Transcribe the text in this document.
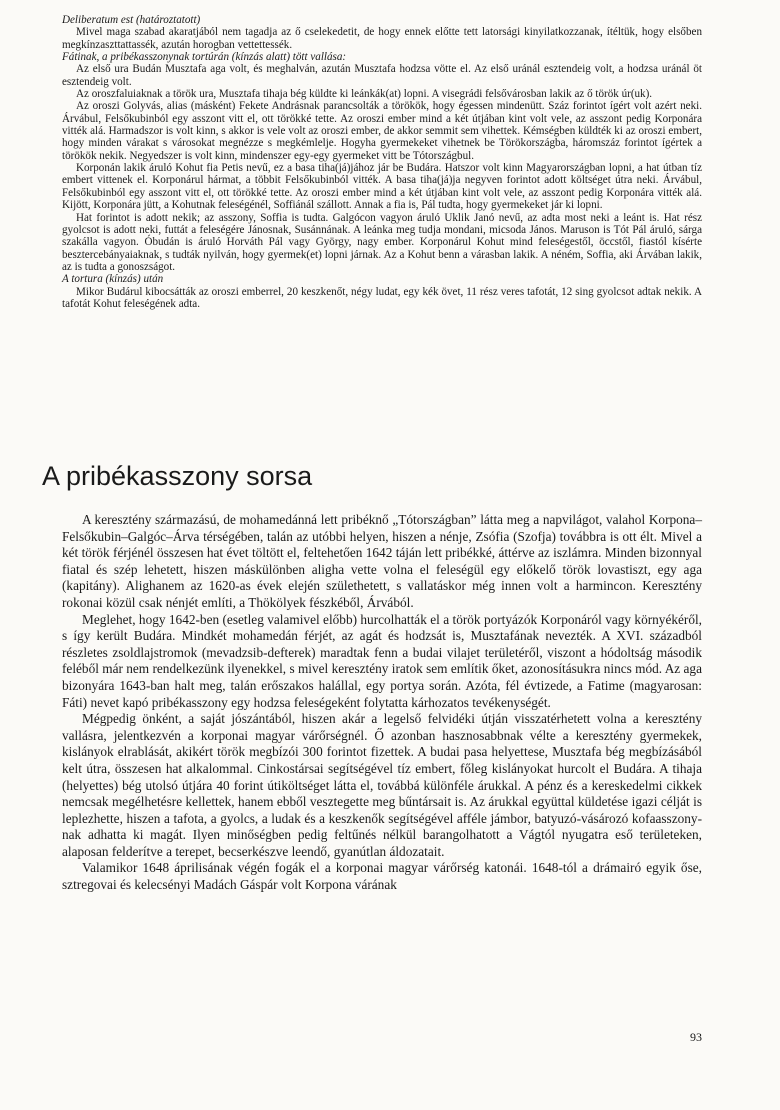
Deliberatum est (határoztatott)

Mivel maga szabad akaratjából nem tagadja az ő cselekedetit, de hogy ennek előtte tett latorsági kinyilatkozzanak, ítéltük, hogy elsőben megkínzaszttattassék, azután horogban vettettessék.

Fátinak, a pribékasszonynak tortúrán (kínzás alatt) tött vallása:

Az első ura Budán Musztafa aga volt, és meghalván, azután Musztafa hodzsa vötte el. Az első uránál esztendeig volt, a hodzsa uránál öt esztendeig volt.

Az oroszfaluiaknak a török ura, Musztafa tihaja bég küldte ki leánkák(at) lopni. A visegrádi felsővárosban lakik az ő török úr(uk).

Az oroszi Golyvás, alias (másként) Fekete Andrásnak parancsolták a törökök, hogy égessen mindenütt. Száz forintot ígért volt azért neki. Árvábul, Felsőkubinból egy asszont vitt el, ott törökké tette. Az oroszi ember mind a két útjában kint volt vele, az asszont pedig Korponára vitték alá. Harmadszor is volt kinn, s akkor is vele volt az oroszi ember, de akkor semmit sem vihettek. Kémségben küldték ki az oroszi embert, hogy minden várakat s városokat megnézze s megkémlelje. Hogyha gyermekeket vihetnek be Törökországba, háromszáz forintot ígértek a törökök nekik. Negyedszer is volt kinn, mindenszer egy-egy gyermeket vitt be Tótországbul.

Korponán lakik áruló Kohut fia Petis nevű, ez a basa tiha(já)jához jár be Budára. Hatszor volt kinn Magyarországban lopni, a hat útban tíz embert vittenek el. Korponárul hármat, a többit Felsőkubinból vitték. A basa tiha(já)ja negyven forintot adott költséget útra neki. Árvábul, Felsőkubinból egy asszont vitt el, ott törökké tette. Az oroszi ember mind a két útjában kint volt vele, az asszont pedig Korponára vitték alá. Kijött, Korponára jütt, a Kohutnak feleségénél, Soffiánál szállott. Annak a fia is, Pál tudta, hogy gyermekeket jár ki lopni.

Hat forintot is adott nekik; az asszony, Soffia is tudta. Galgócon vagyon áruló Uklik Janó nevű, az adta most neki a leánt is. Hat rész gyolcsot is adott neki, futtát a feleségére Jánosnak, Susánnának. A leánka meg tudja mondani, micsoda János. Maruson is Tót Pál áruló, sárga szakálla vagyon. Óbudán is áruló Horváth Pál vagy György, nagy ember. Korponárul Kohut mind feleségestől, öccstől, fiastól kísérte besztercebányaiaknak, s tudták nyilván, hogy gyermek(et) lopni járnak. Az a Kohut benn a várasban lakik. A néném, Soffia, aki Árvában lakik, az is tudta a gonoszságot.

A tortura (kínzás) után

Mikor Budárul kibocsátták az oroszi emberrel, 20 keszkenőt, négy ludat, egy kék övet, 11 rész veres tafotát, 12 sing gyolcsot adtak nekik. A tafotát Kohut feleségének adta.

A pribékasszony sorsa

A keresztény származású, de mohamedánná lett pribéknő „Tótországban” látta meg a napvilágot, valahol Korpona–Felsőkubin–Galgóc–Árva térségében, talán az utóbbi helyen, hiszen a nénje, Zsófia (Szofja) továbbra is ott élt. Mivel a két török férjénél összesen hat évet töltött el, feltehetően 1642 táján lett pribékké, áttérve az iszlámra. Minden bizonnyal fiatal és szép lehetett, hiszen máskülönben aligha vette volna el feleségül egy előkelő török lovastiszt, egy aga (kapitány). Alighanem az 1620-as évek elején születhetett, s vallatáskor még innen volt a harmincon. Keresztény rokonai közül csak nénjét említi, a Thökölyek fészkéből, Árvából.

Meglehet, hogy 1642-ben (esetleg valamivel előbb) hurcolhatták el a török portyázók Korponáról vagy környékéről, s így került Budára. Mindkét mohamedán férjét, az agát és hodzsát is, Musztafának nevezték. A XVI. századból részletes zsoldlajstromok (mevadzsib-defterek) maradtak fenn a budai vilajet területéről, viszont a hódoltság második feléből már nem rendelkezünk ilyenekkel, s mivel keresztény iratok sem említik őket, azonosításukra nincs mód. Az aga bizonyára 1643-ban halt meg, talán erőszakos halállal, egy portya során. Azóta, fél évtizede, a Fatime (magyarosan: Fáti) nevet kapó pribékasszony egy hodzsa feleségeként folytatta kárhozatos tevékenységét.

Mégpedig önként, a saját jószántából, hiszen akár a legelső felvidéki útján visszatérhetett volna a keresztény vallásra, jelentkezvén a korponai magyar várőrségnél. Ő azonban hasznosabbnak vélte a keresztény gyermekek, kislányok elrablását, akikért török megbízói 300 forintot fizettek. A budai pasa helyettese, Musztafa bég megbízásából kelt útra, összesen hat alkalommal. Cinkostársai segítségével tíz embert, főleg kislányokat hurcolt el Budára. A tihaja (helyettes) bég utolsó útjára 40 forint útiköltséget látta el, továbbá különféle árukkal. A pénz és a kereskedelmi cikkek nemcsak megélhetésre kellettek, hanem ebből vesztegette meg bűntársait is. Az árukkal együttal küldetése igazi célját is leplezhette, hiszen a tafota, a gyolcs, a ludak és a keszkenők segítségével afféle jámbor, batyuzó-vásározó kofaasszony-nak adhatta ki magát. Ilyen minőségben pedig feltűnés nélkül barangolhatott a Vágtól nyugatra eső területeken, alaposan felderítve a terepet, becserkészve leendő, gyanútlan áldozatait.

Valamikor 1648 áprilisának végén fogák el a korponai magyar várőrség katonái. 1648-tól a drámairó egyik őse, sztregovai és kelecsényi Madách Gáspár volt Korpona várának

93
